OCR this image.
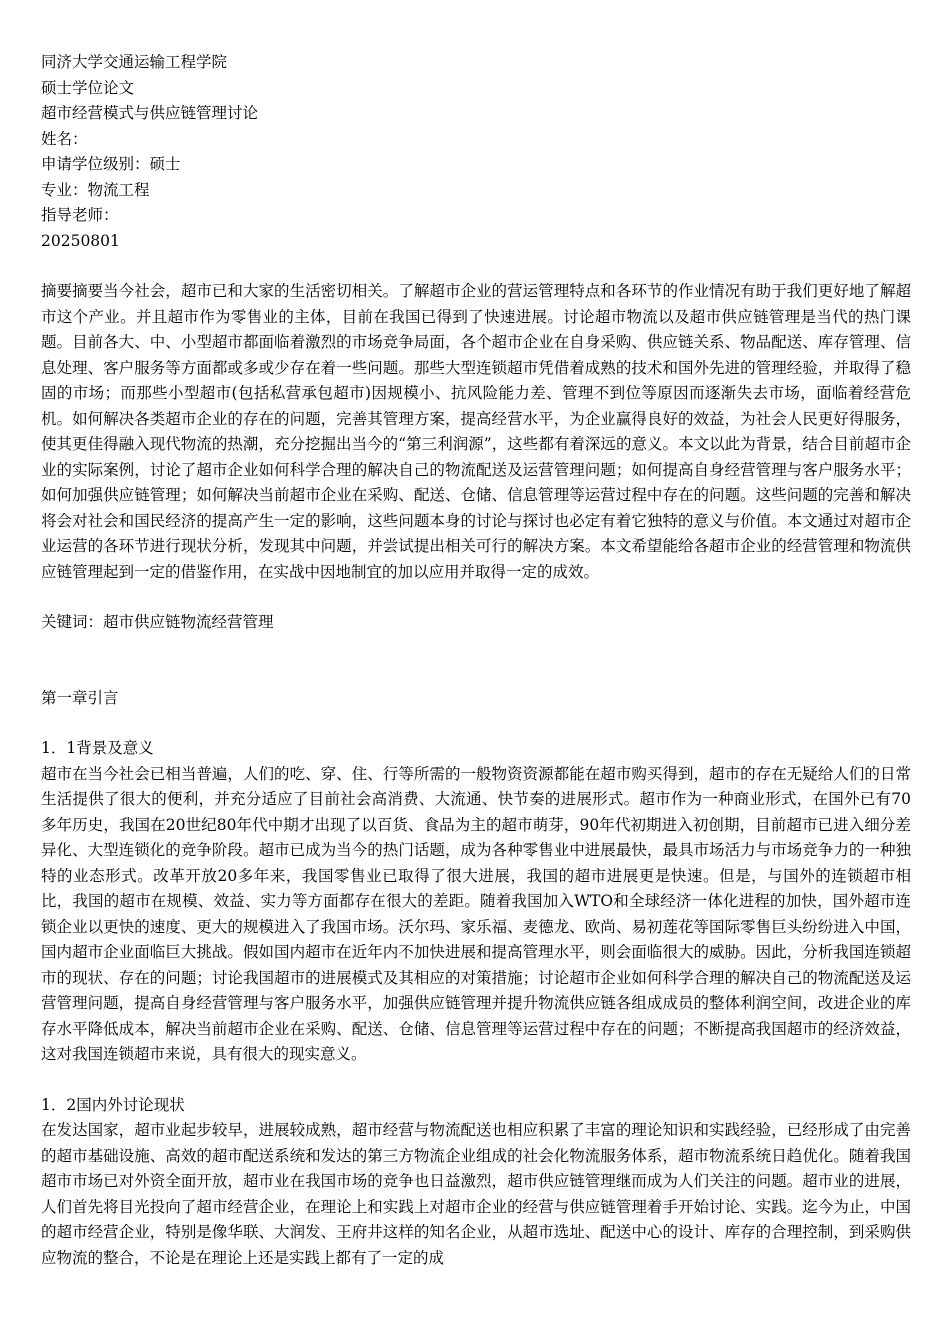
同济大学交通运输工程学院

硕士学位论文

超市经营模式与供应链管理讨论

姓名：

申请学位级别：硕士

专业：物流工程

指导老师：

20250801

摘要摘要当今社会，超市已和大家的生活密切相关。了解超市企业的营运管理特点和各环节的作业情况有助于我们更好地了解超市这个产业。并且超市作为零售业的主体，目前在我国已得到了快速进展。讨论超市物流以及超市供应链管理是当代的热门课题。目前各大、中、小型超市都面临着激烈的市场竞争局面，各个超市企业在自身采购、供应链关系、物品配送、库存管理、信息处理、客户服务等方面都或多或少存在着一些问题。那些大型连锁超市凭借着成熟的技术和国外先进的管理经验，并取得了稳固的市场；而那些小型超市(包括私营承包超市)因规模小、抗风险能力差、管理不到位等原因而逐渐失去市场，面临着经营危机。如何解决各类超市企业的存在的问题，完善其管理方案，提高经营水平，为企业赢得良好的效益，为社会人民更好得服务，使其更佳得融入现代物流的热潮，充分挖掘出当今的“第三利润源”，这些都有着深远的意义。本文以此为背景，结合目前超市企业的实际案例，讨论了超市企业如何科学合理的解决自己的物流配送及运营管理问题；如何提高自身经营管理与客户服务水平；如何加强供应链管理；如何解决当前超市企业在采购、配送、仓储、信息管理等运营过程中存在的问题。这些问题的完善和解决将会对社会和国民经济的提高产生一定的影响，这些问题本身的讨论与探讨也必定有着它独特的意义与价值。本文通过对超市企业运营的各环节进行现状分析，发现其中问题，并尝试提出相关可行的解决方案。本文希望能给各超市企业的经营管理和物流供应链管理起到一定的借鉴作用，在实战中因地制宜的加以应用并取得一定的成效。

关键词：超市供应链物流经营管理

第一章引言

1．1背景及意义

超市在当今社会已相当普遍，人们的吃、穿、住、行等所需的一般物资资源都能在超市购买得到，超市的存在无疑给人们的日常生活提供了很大的便利，并充分适应了目前社会高消费、大流通、快节奏的进展形式。超市作为一种商业形式，在国外已有70多年历史，我国在20世纪80年代中期才出现了以百货、食品为主的超市萌芽，90年代初期进入初创期，目前超市已进入细分差异化、大型连锁化的竞争阶段。超市已成为当今的热门话题，成为各种零售业中进展最快，最具市场活力与市场竞争力的一种独特的业态形式。改革开放20多年来，我国零售业已取得了很大进展，我国的超市进展更是快速。但是，与国外的连锁超市相比，我国的超市在规模、效益、实力等方面都存在很大的差距。随着我国加入WTO和全球经济一体化进程的加快，国外超市连锁企业以更快的速度、更大的规模进入了我国市场。沃尔玛、家乐福、麦德龙、欧尚、易初莲花等国际零售巨头纷纷进入中国，国内超市企业面临巨大挑战。假如国内超市在近年内不加快进展和提高管理水平，则会面临很大的威胁。因此，分析我国连锁超市的现状、存在的问题；讨论我国超市的进展模式及其相应的对策措施；讨论超市企业如何科学合理的解决自己的物流配送及运营管理问题，提高自身经营管理与客户服务水平，加强供应链管理并提升物流供应链各组成成员的整体利润空间，改进企业的库存水平降低成本，解决当前超市企业在采购、配送、仓储、信息管理等运营过程中存在的问题；不断提高我国超市的经济效益，这对我国连锁超市来说，具有很大的现实意义。

1．2国内外讨论现状

在发达国家，超市业起步较早，进展较成熟，超市经营与物流配送也相应积累了丰富的理论知识和实践经验，已经形成了由完善的超市基础设施、高效的超市配送系统和发达的第三方物流企业组成的社会化物流服务体系，超市物流系统日趋优化。随着我国超市市场已对外资全面开放，超市业在我国市场的竞争也日益激烈，超市供应链管理继而成为人们关注的问题。超市业的进展，人们首先将目光投向了超市经营企业，在理论上和实践上对超市企业的经营与供应链管理着手开始讨论、实践。迄今为止，中国的超市经营企业，特别是像华联、大润发、王府井这样的知名企业，从超市选址、配送中心的设计、库存的合理控制，到采购供应物流的整合，不论是在理论上还是实践上都有了一定的成
